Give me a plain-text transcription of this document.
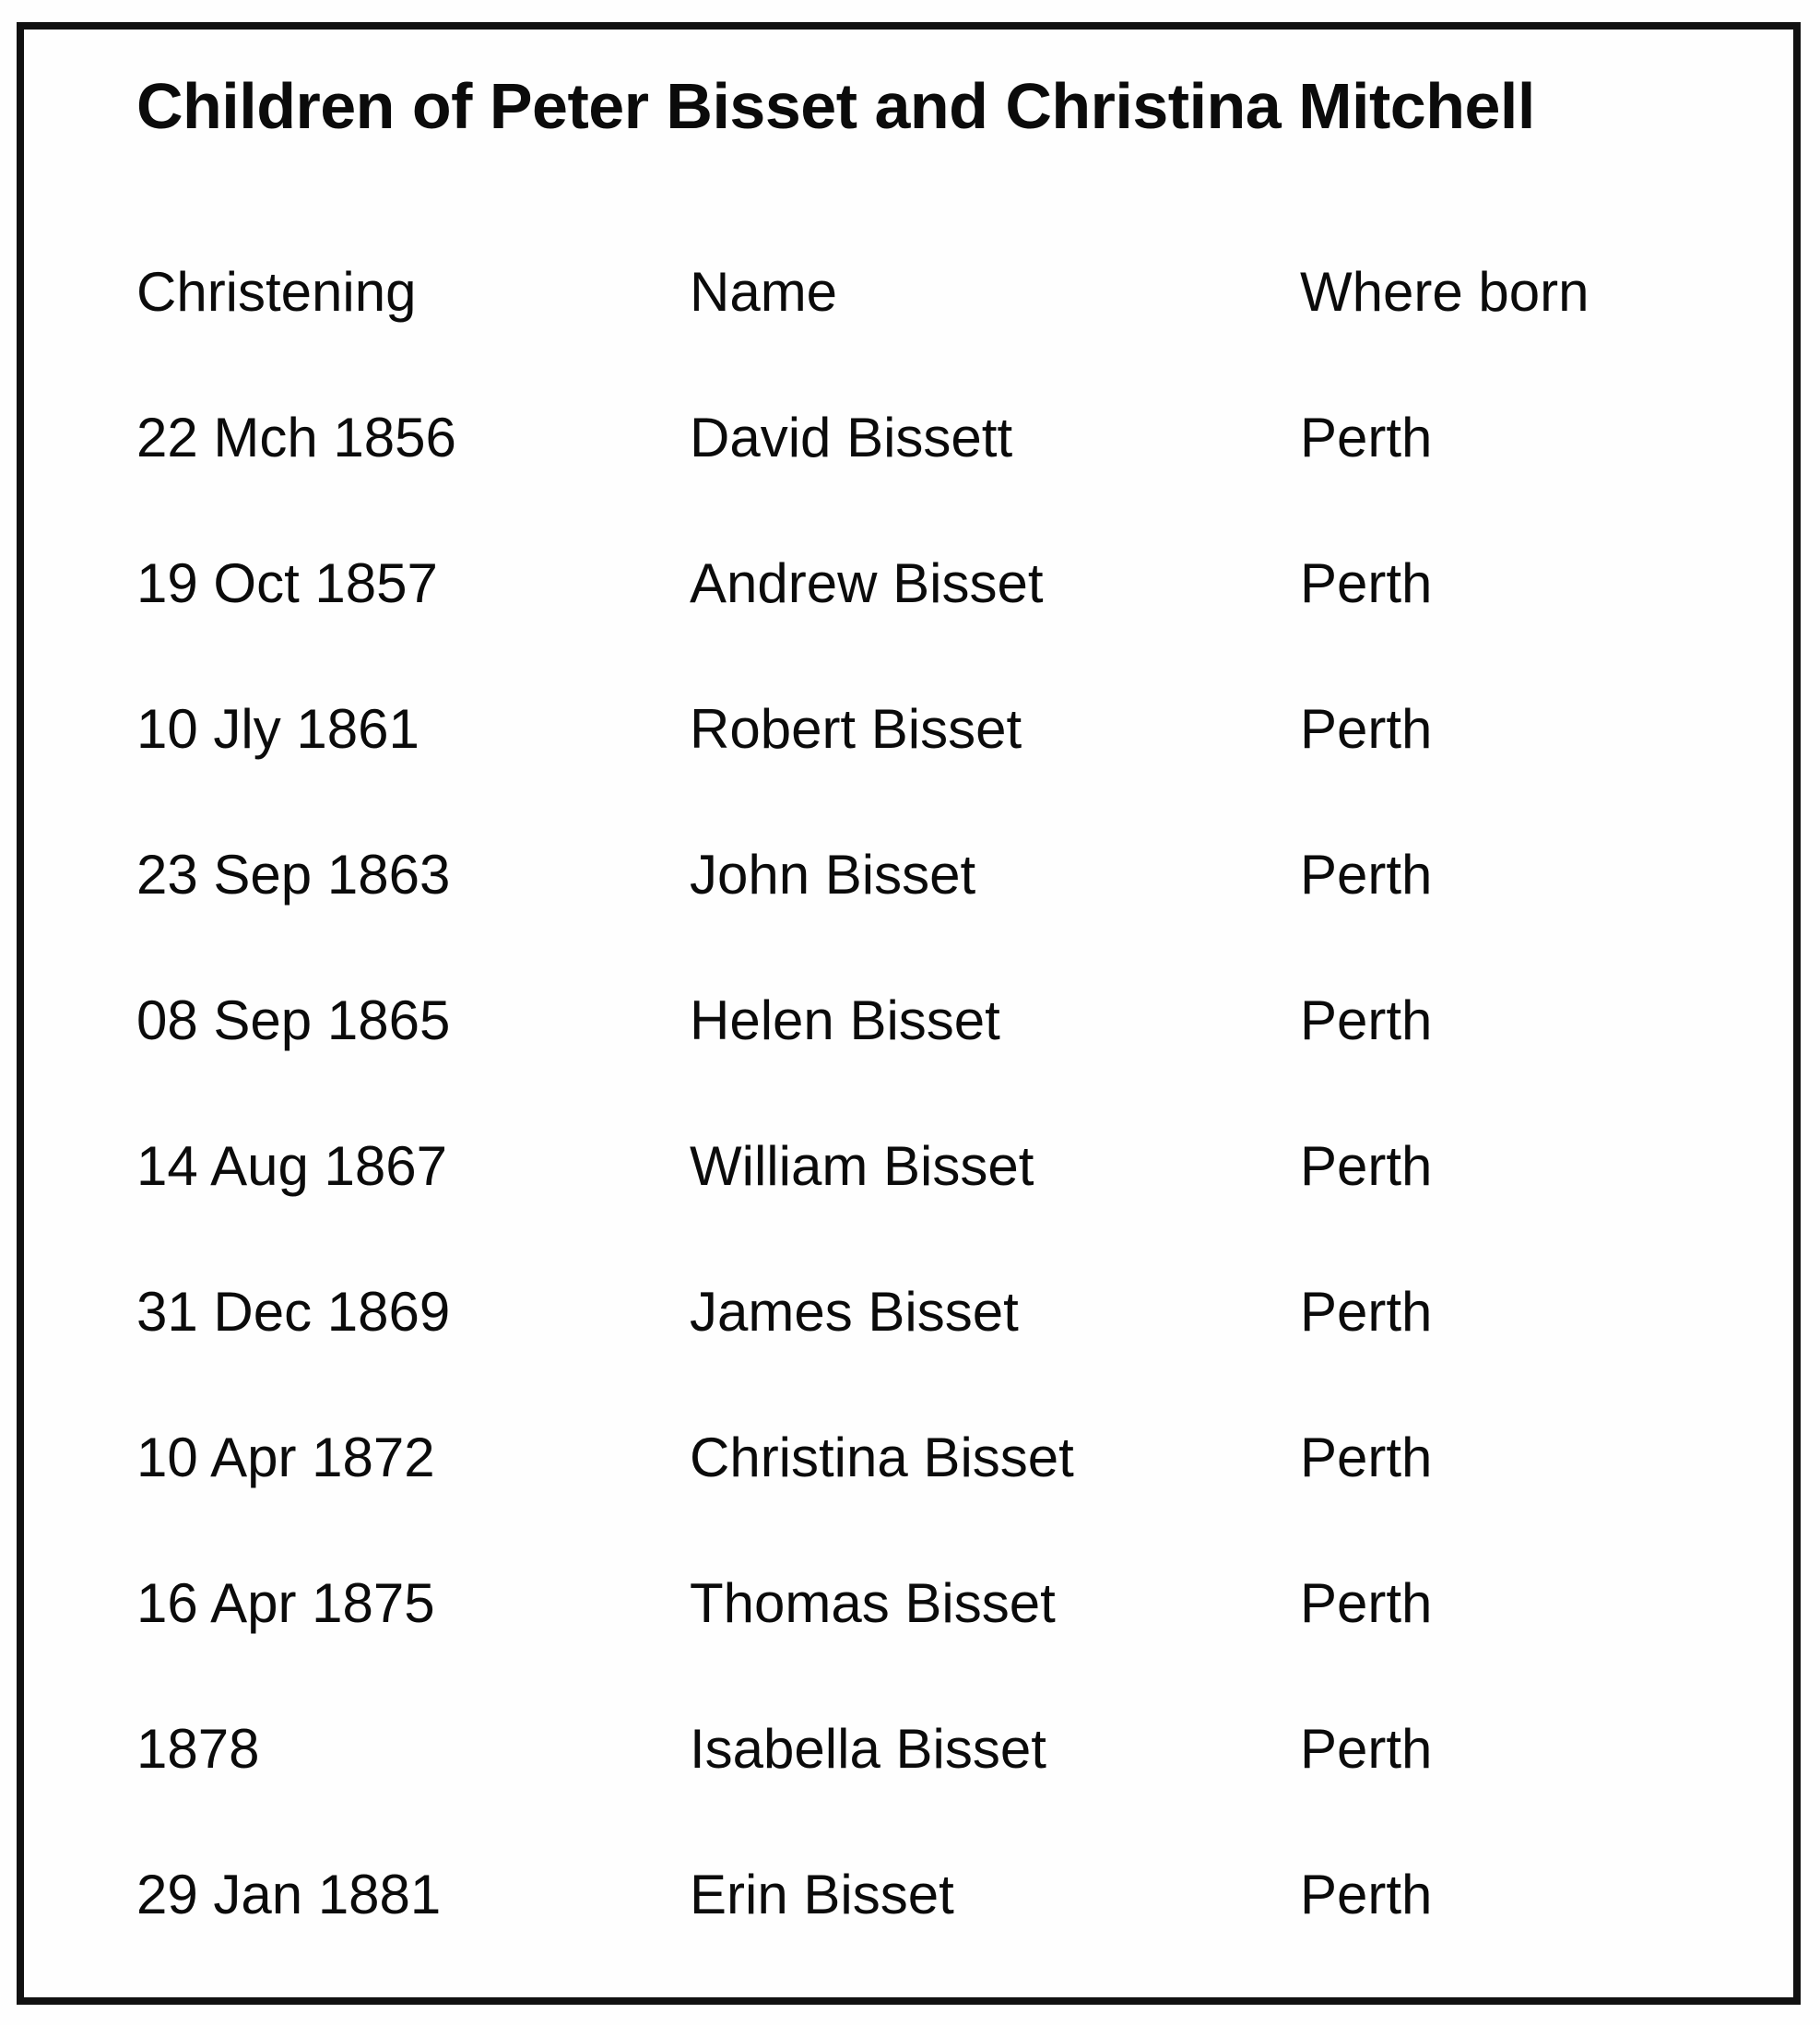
Children of Peter Bisset and Christina Mitchell
Christening	Name	Where born
22 Mch 1856	David Bissett	Perth
19 Oct 1857	Andrew Bisset	Perth
10 Jly 1861	Robert Bisset	Perth
23 Sep 1863	John Bisset	Perth
08 Sep 1865	Helen Bisset	Perth
14 Aug 1867	William Bisset	Perth
31 Dec 1869	James Bisset	Perth
10 Apr 1872	Christina Bisset	Perth
16 Apr 1875	Thomas Bisset	Perth
1878	Isabella Bisset	Perth
29 Jan 1881	Erin Bisset	Perth
